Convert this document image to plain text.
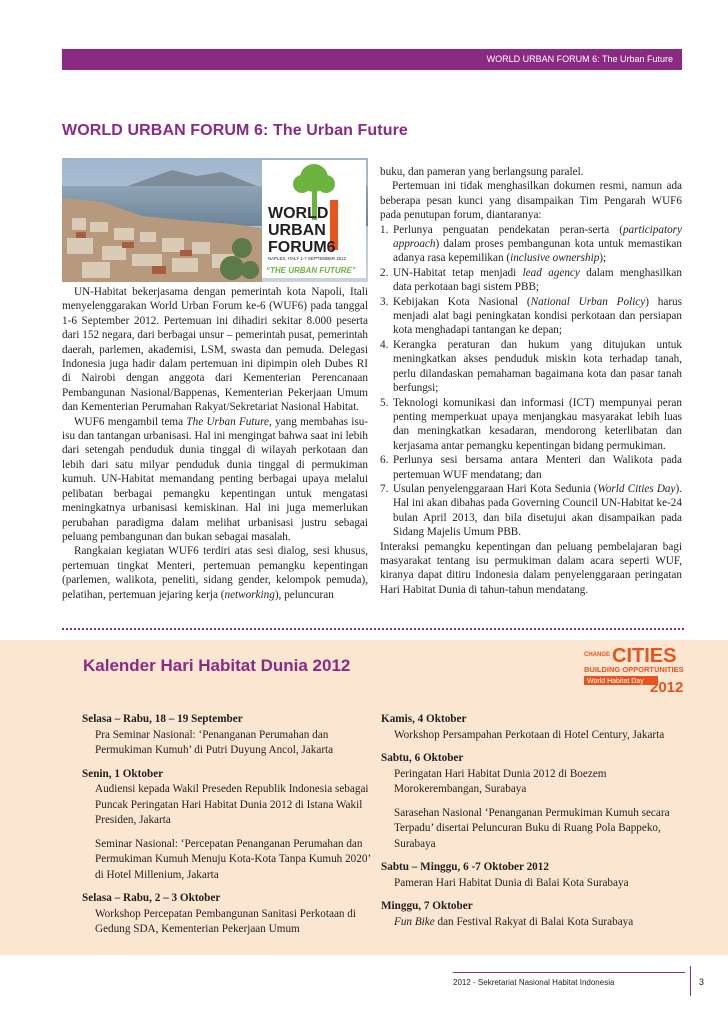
WORLD URBAN FORUM 6: The Urban Future
WORLD URBAN FORUM 6: The Urban Future
WORLD
URBAN
FORUM6
NAPLES, ITALY 1-7 SEPTEMBER 2012
“THE URBAN FUTURE”

UN-Habitat bekerjasama dengan pemerintah kota Napoli, Itali menyelenggarakan World Urban Forum ke-6 (WUF6) pada tanggal 1-6 September 2012. Pertemuan ini dihadiri sekitar 8.000 peserta dari 152 negara, dari berbagai unsur – pemerintah pusat, pemerintah daerah, parlemen, akademisi, LSM, swasta dan pemuda. Delegasi Indonesia juga hadir dalam pertemuan ini dipimpin oleh Dubes RI di Nairobi dengan anggota dari Kementerian Perencanaan Pembangunan Nasional/Bappenas, Kementerian Pekerjaan Umum dan Kementerian Perumahan Rakyat/Sekretariat Nasional Habitat.

WUF6 mengambil tema The Urban Future, yang membahas isu-isu dan tantangan urbanisasi. Hal ini mengingat bahwa saat ini lebih dari setengah penduduk dunia tinggal di wilayah perkotaan dan lebih dari satu milyar penduduk dunia tinggal di permukiman kumuh. UN-Habitat memandang penting berbagai upaya melalui pelibatan berbagai pemangku kepentingan untuk mengatasi meningkatnya urbanisasi kemiskinan. Hal ini juga memerlukan perubahan paradigma dalam melihat urbanisasi justru sebagai peluang pembangunan dan bukan sebagai masalah.

Rangkaian kegiatan WUF6 terdiri atas sesi dialog, sesi khusus, pertemuan tingkat Menteri, pertemuan pemangku kepentingan (parlemen, walikota, peneliti, sidang gender, kelompok pemuda), pelatihan, pertemuan jejaring kerja (networking), peluncuran

buku, dan pameran yang berlangsung paralel.

Pertemuan ini tidak menghasilkan dokumen resmi, namun ada beberapa pesan kunci yang disampaikan Tim Pengarah WUF6 pada penutupan forum, diantaranya:

1. Perlunya penguatan pendekatan peran-serta (participatory approach) dalam proses pembangunan kota untuk memastikan adanya rasa kepemilikan (inclusive ownership);
2. UN-Habitat tetap menjadi lead agency dalam menghasilkan data perkotaan bagi sistem PBB;
3. Kebijakan Kota Nasional (National Urban Policy) harus menjadi alat bagi peningkatan kondisi perkotaan dan persiapan kota menghadapi tantangan ke depan;
4. Kerangka peraturan dan hukum yang ditujukan untuk meningkatkan akses penduduk miskin kota terhadap tanah, perlu dilandaskan pemahaman bagaimana kota dan pasar tanah berfungsi;
5. Teknologi komunikasi dan informasi (ICT) mempunyai peran penting memperkuat upaya menjangkau masyarakat lebih luas dan meningkatkan kesadaran, mendorong keterlibatan dan kerjasama antar pemangku kepentingan bidang permukiman.
6. Perlunya sesi bersama antara Menteri dan Walikota pada pertemuan WUF mendatang; dan
7. Usulan penyelenggaraan Hari Kota Sedunia (World Cities Day). Hal ini akan dibahas pada Governing Council UN-Habitat ke-24 bulan April 2013, dan bila disetujui akan disampaikan pada Sidang Majelis Umum PBB.

Interaksi pemangku kepentingan dan peluang pembelajaran bagi masyarakat tentang isu permukiman dalam acara seperti WUF, kiranya dapat ditiru Indonesia dalam penyelenggaraan peringatan Hari Habitat Dunia di tahun-tahun mendatang.

Kalender Hari Habitat Dunia 2012
CHANGE CITIES
BUILDING OPPORTUNITIES
World Habitat Day 2012
Selasa – Rabu, 18 – 19 September
Pra Seminar Nasional: ‘Penanganan Perumahan dan Permukiman Kumuh’ di Putri Duyung Ancol, Jakarta
Senin, 1 Oktober
Audiensi kepada Wakil Preseden Republik Indonesia sebagai Puncak Peringatan Hari Habitat Dunia 2012 di Istana Wakil Presiden, Jakarta
Seminar Nasional: ‘Percepatan Penanganan Perumahan dan Permukiman Kumuh Menuju Kota-Kota Tanpa Kumuh 2020’ di Hotel Millenium, Jakarta
Selasa – Rabu, 2 – 3 Oktober
Workshop Percepatan Pembangunan Sanitasi Perkotaan di Gedung SDA, Kementerian Pekerjaan Umum
Kamis, 4 Oktober
Workshop Persampahan Perkotaan di Hotel Century, Jakarta
Sabtu, 6 Oktober
Peringatan Hari Habitat Dunia 2012 di Boezem Morokerembangan, Surabaya
Sarasehan Nasional ‘Penanganan Permukiman Kumuh secara Terpadu’ disertai Peluncuran Buku di Ruang Pola Bappeko, Surabaya
Sabtu – Minggu, 6 -7 Oktober 2012
Pameran Hari Habitat Dunia di Balai Kota Surabaya
Minggu, 7 Oktober
Fun Bike dan Festival Rakyat di Balai Kota Surabaya
2012 - Sekretariat Nasional Habitat Indonesia	3
